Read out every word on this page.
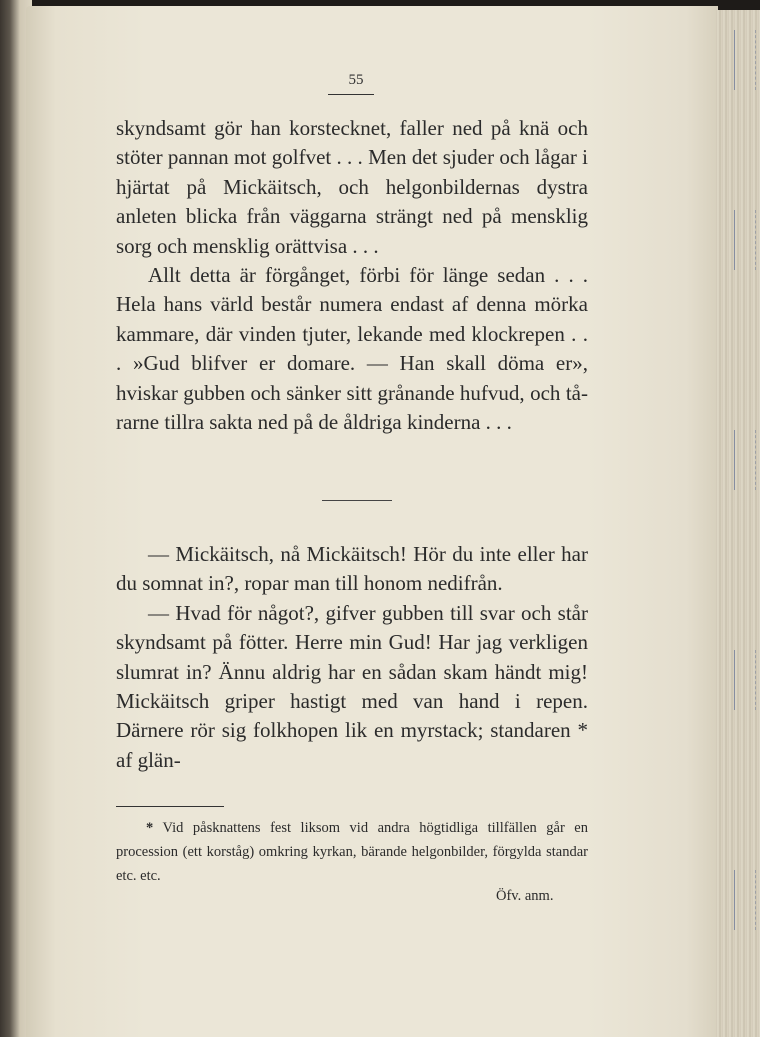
55

skyndsamt gör han korstecknet, faller ned på knä och stöter pannan mot golfvet . . . Men det sjuder och lågar i hjärtat på Mickäitsch, och helgonbildernas dystra anleten blicka från väggarna strängt ned på mensklig sorg och mensklig orättvisa . . .

Allt detta är förgånget, förbi för länge sedan . . . Hela hans värld består numera endast af denna mörka kammare, där vinden tjuter, lekande med klockrepen . . . »Gud blifver er domare. — Han skall döma er», hviskar gubben och sänker sitt grånande hufvud, och tårarne tillra sakta ned på de åldriga kinderna . . .

— Mickäitsch, nå Mickäitsch! Hör du inte eller har du somnat in?, ropar man till honom nedifrån.

— Hvad för något?, gifver gubben till svar och står skyndsamt på fötter. Herre min Gud! Har jag verkligen slumrat in? Ännu aldrig har en sådan skam händt mig! Mickäitsch griper hastigt med van hand i repen. Därnere rör sig folkhopen lik en myrstack; standaren * af glän-

* Vid påsknattens fest liksom vid andra högtidliga tillfällen går en procession (ett korståg) omkring kyrkan, bärande helgonbilder, förgylda standar etc. etc.

Öfv. anm.
